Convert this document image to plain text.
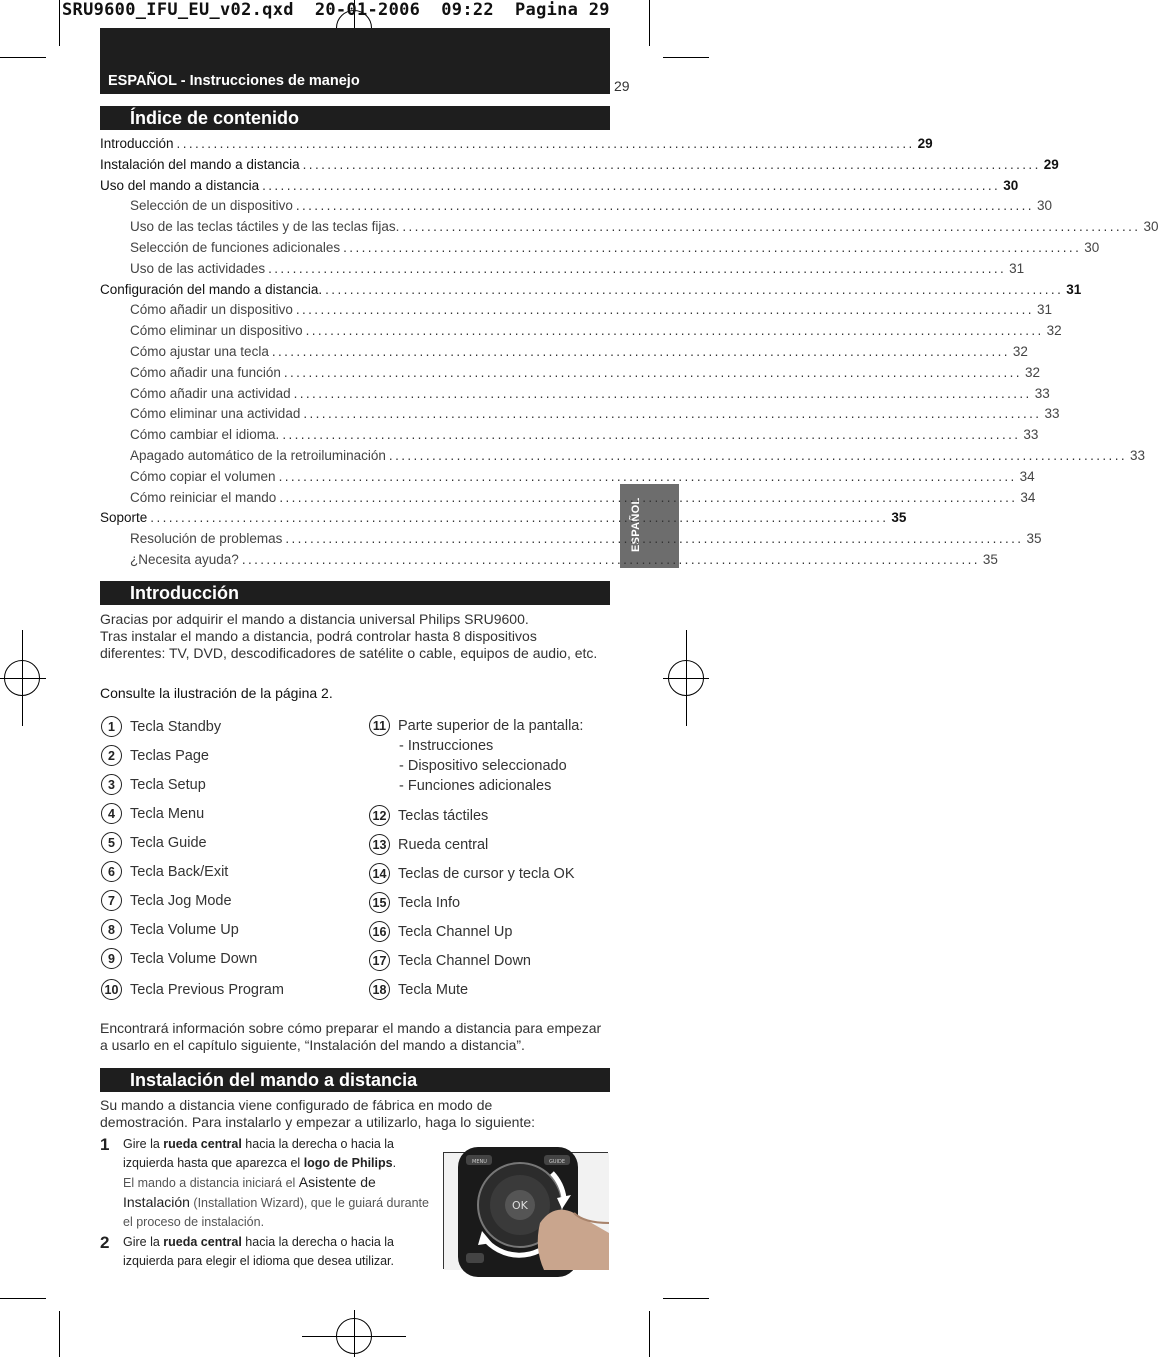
SRU9600_IFU_EU_v02.qxd  20-01-2006  09:22  Pagina 29
ESPAÑOL - Instrucciones de manejo	29
ESPAÑOL
Índice de contenido
Introducción ........................................................................................................................ 29
Instalación del mando a distancia ........................................................................................................................ 29
Uso del mando a distancia ........................................................................................................................ 30
Selección de un dispositivo ........................................................................................................................ 30
Uso de las teclas táctiles y de las teclas fijas. ........................................................................................................................ 30
Selección de funciones adicionales ........................................................................................................................ 30
Uso de las actividades ........................................................................................................................ 31
Configuración del mando a distancia. ........................................................................................................................ 31
Cómo añadir un dispositivo ........................................................................................................................ 31
Cómo eliminar un dispositivo ........................................................................................................................ 32
Cómo ajustar una tecla ........................................................................................................................ 32
Cómo añadir una función ........................................................................................................................ 32
Cómo añadir una actividad ........................................................................................................................ 33
Cómo eliminar una actividad ........................................................................................................................ 33
Cómo cambiar el idioma. ........................................................................................................................ 33
Apagado automático de la retroiluminación ........................................................................................................................ 33
Cómo copiar el volumen ........................................................................................................................ 34
Cómo reiniciar el mando ........................................................................................................................ 34
Soporte ........................................................................................................................ 35
Resolución de problemas ........................................................................................................................ 35
¿Necesita ayuda? ........................................................................................................................ 35
Introducción
Gracias por adquirir el mando a distancia universal Philips SRU9600.
Tras instalar el mando a distancia, podrá controlar hasta 8 dispositivos diferentes: TV, DVD, descodificadores de satélite o cable, equipos de audio, etc.
Consulte la ilustración de la página 2.
- Instrucciones
- Dispositivo seleccionado
- Funciones adicionales
Encontrará información sobre cómo preparar el mando a distancia para empezar a usarlo en el capítulo siguiente, “Instalación del mando a distancia”.
Instalación del mando a distancia
Su mando a distancia viene configurado de fábrica en modo de demostración. Para instalarlo y empezar a utilizarlo, haga lo siguiente:
1 Gire la rueda central hacia la derecha o hacia la izquierda hasta que aparezca el logo de Philips.
El mando a distancia iniciará el Asistente de Instalación (Installation Wizard), que le guiará durante el proceso de instalación.
2 Gire la rueda central hacia la derecha o hacia la izquierda para elegir el idioma que desea utilizar.
MENU	GUIDE
OK
1	Tecla Standby
2	Teclas Page
3	Tecla Setup
4	Tecla Menu
5	Tecla Guide
6	Tecla Back/Exit
7	Tecla Jog Mode
8	Tecla Volume Up
9	Tecla Volume Down
10 Tecla Previous Program
11 Parte superior de la pantalla:
12 Teclas táctiles
13 Rueda central
14 Teclas de cursor y tecla OK
15 Tecla Info
16 Tecla Channel Up
17 Tecla Channel Down
18 Tecla Mute
